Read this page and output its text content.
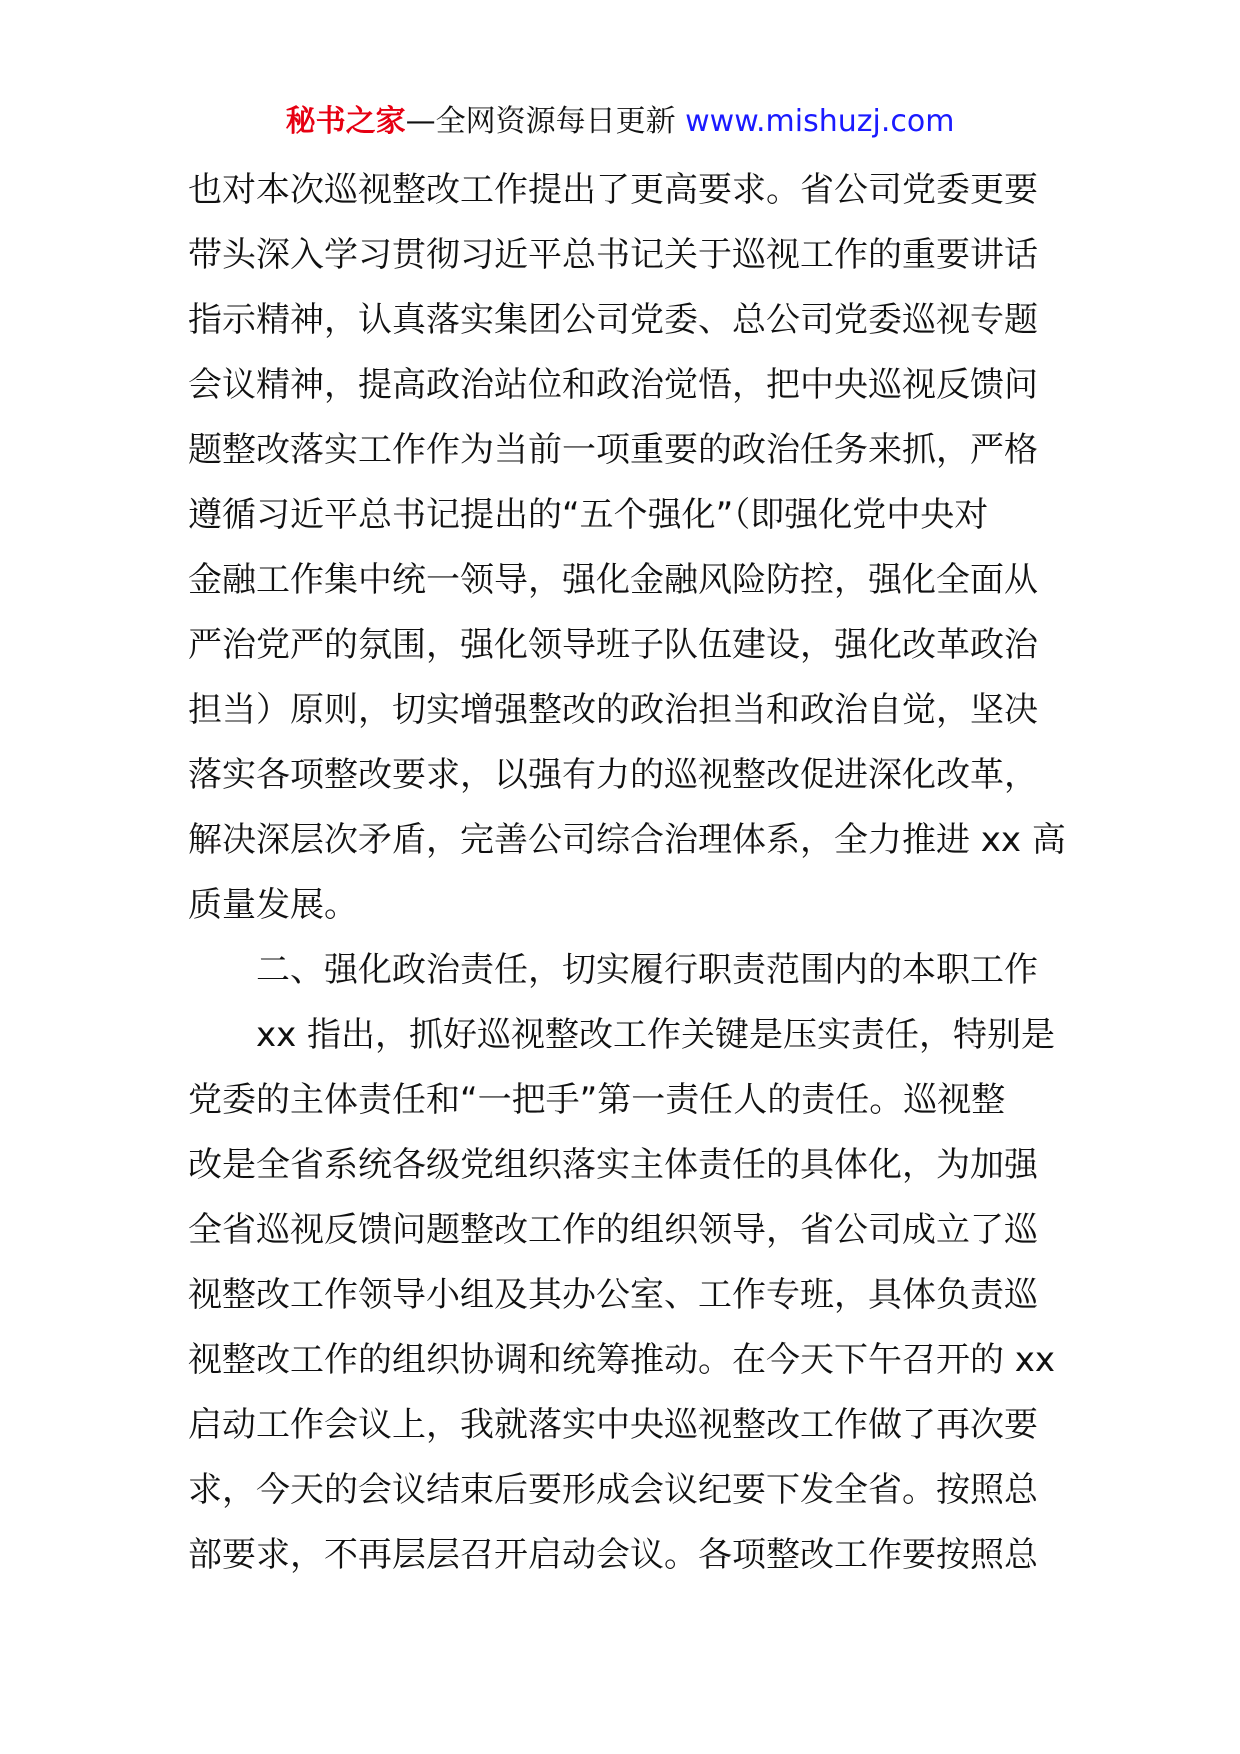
秘书之家—全网资源每日更新 www.mishuzj.com
也对本次巡视整改工作提出了更高要求。省公司党委更要
带头深入学习贯彻习近平总书记关于巡视工作的重要讲话
指示精神，认真落实集团公司党委、总公司党委巡视专题
会议精神，提高政治站位和政治觉悟，把中央巡视反馈问
题整改落实工作作为当前一项重要的政治任务来抓，严格
遵循习近平总书记提出的“五个强化”（即强化党中央对
金融工作集中统一领导，强化金融风险防控，强化全面从
严治党严的氛围，强化领导班子队伍建设，强化改革政治
担当）原则，切实增强整改的政治担当和政治自觉，坚决
落实各项整改要求，以强有力的巡视整改促进深化改革，
解决深层次矛盾，完善公司综合治理体系，全力推进 xx 高
质量发展。
二、强化政治责任，切实履行职责范围内的本职工作
xx 指出，抓好巡视整改工作关键是压实责任，特别是
党委的主体责任和“一把手”第一责任人的责任。巡视整
改是全省系统各级党组织落实主体责任的具体化，为加强
全省巡视反馈问题整改工作的组织领导，省公司成立了巡
视整改工作领导小组及其办公室、工作专班，具体负责巡
视整改工作的组织协调和统筹推动。在今天下午召开的 xx
启动工作会议上，我就落实中央巡视整改工作做了再次要
求，今天的会议结束后要形成会议纪要下发全省。按照总
部要求，不再层层召开启动会议。各项整改工作要按照总
